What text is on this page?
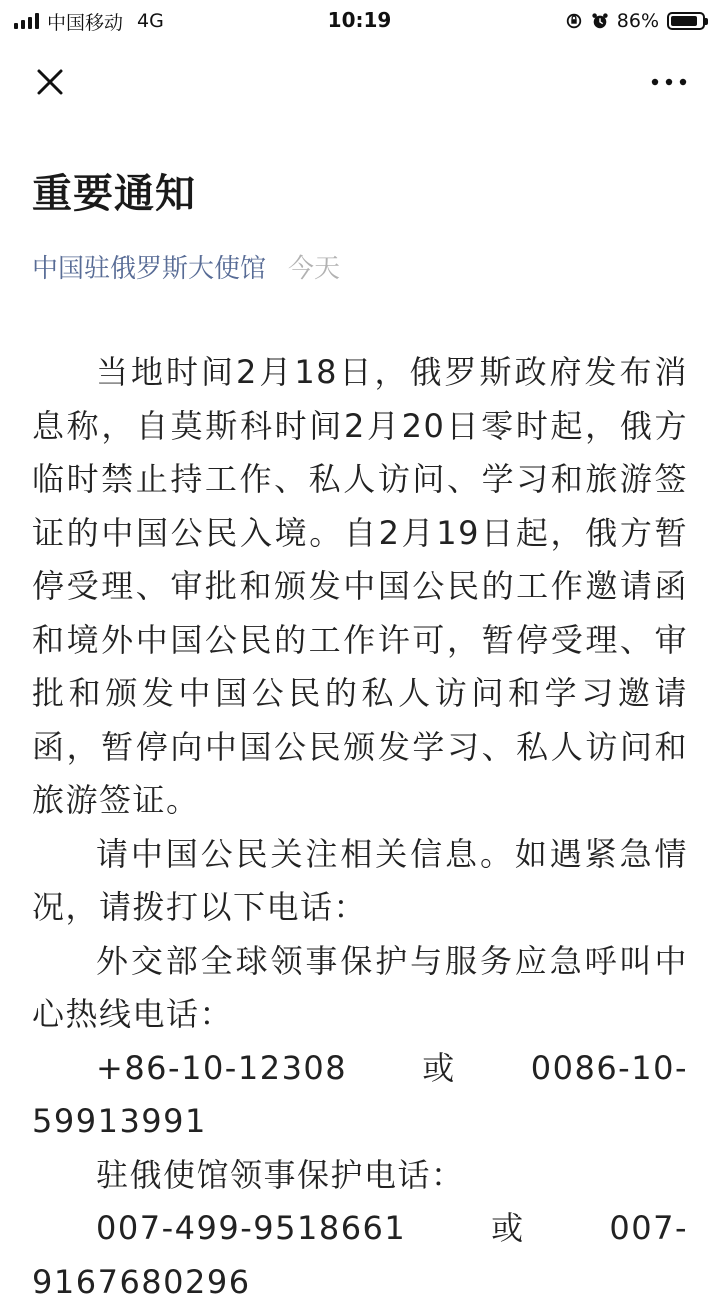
中国移动 4G	10:19	86%
重要通知
中国驻俄罗斯大使馆 今天

当地时间2月18日，俄罗斯政府发布消息称，自莫斯科时间2月20日零时起，俄方临时禁止持工作、私人访问、学习和旅游签证的中国公民入境。自2月19日起，俄方暂停受理、审批和颁发中国公民的工作邀请函和境外中国公民的工作许可，暂停受理、审批和颁发中国公民的私人访问和学习邀请函，暂停向中国公民颁发学习、私人访问和旅游签证。

请中国公民关注相关信息。如遇紧急情况，请拨打以下电话：

外交部全球领事保护与服务应急呼叫中心热线电话：

+86-10-12308或0086-10-59913991

驻俄使馆领事保护电话：

007-499-9518661　或　007-9167680296
